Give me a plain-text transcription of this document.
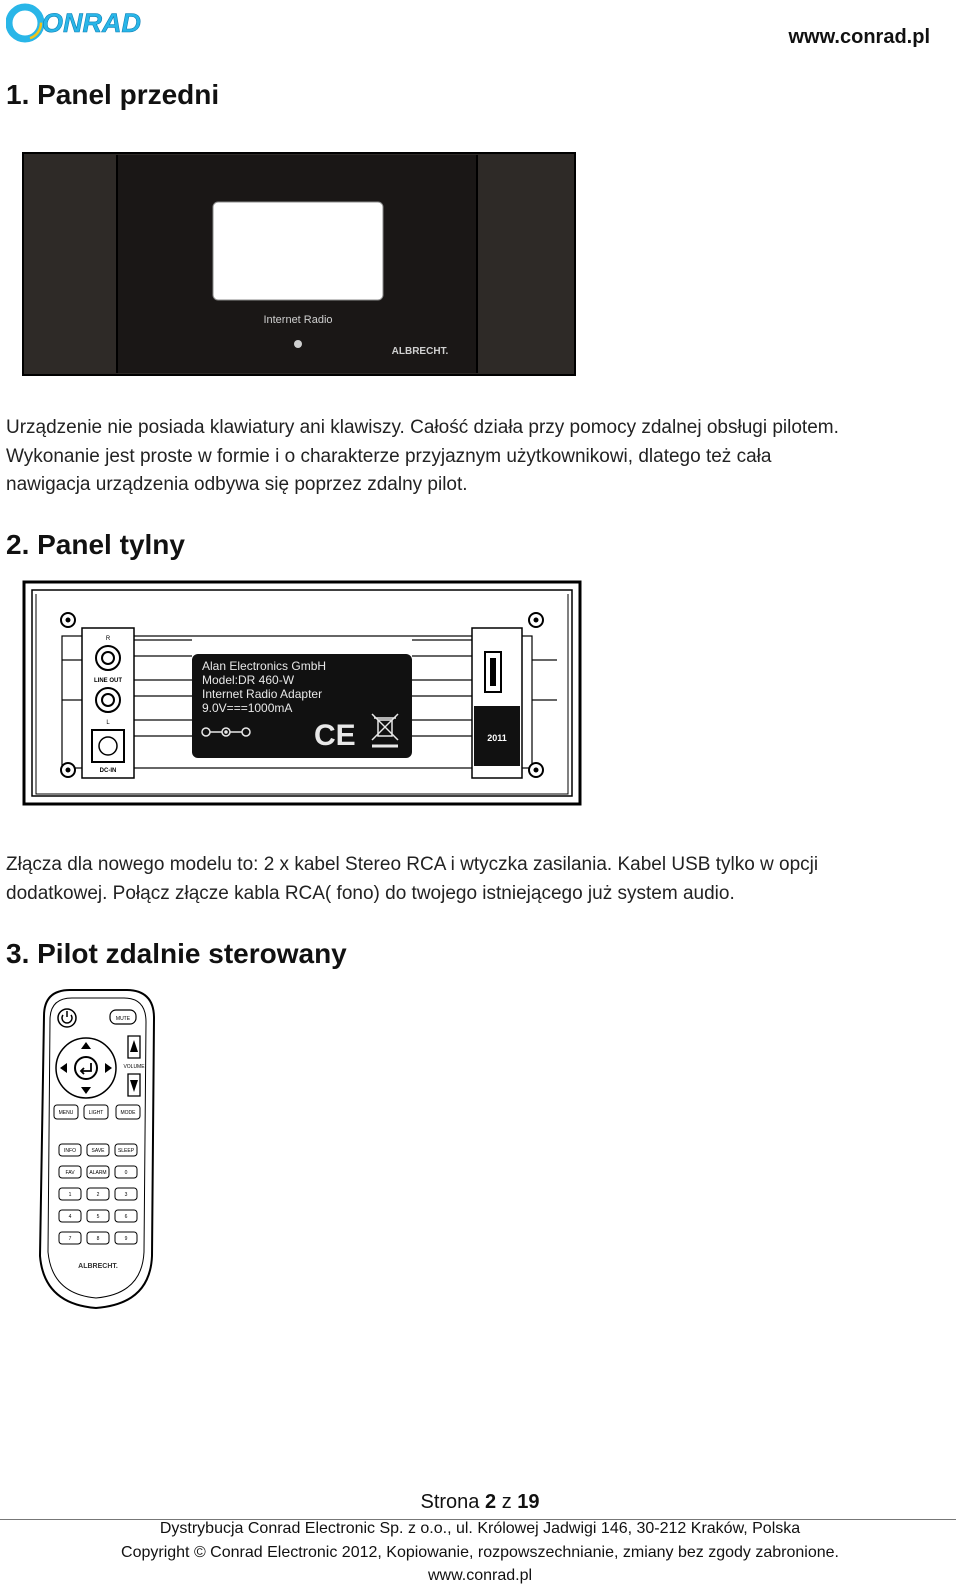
ONRAD	www.conrad.pl
1. Panel przedni
Internet Radio
ALBRECHT.
Urządzenie nie posiada klawiatury ani klawiszy. Całość działa przy pomocy zdalnej obsługi pilotem.
Wykonanie jest proste w formie i o charakterze przyjaznym użytkownikowi, dlatego też cała
nawigacja urządzenia odbywa się poprzez zdalny pilot.
2. Panel tylny
R
LINE OUT
L
DC-IN
Alan Electronics GmbH
Model:DR 460-W
Internet Radio Adapter
9.0V===1000mA
CE	2011
Złącza dla nowego modelu to: 2 x kabel Stereo RCA i wtyczka zasilania. Kabel USB tylko w opcji
dodatkowej. Połącz złącze kabla RCA( fono) do twojego istniejącego już system audio.
3. Pilot zdalnie sterowany
MUTE
VOLUME
MENU	LIGHT	MODE
INFO	SAVE	SLEEP
FAV	ALARM	0
1	2	3
4	5	6
7	8	9
ALBRECHT.
Strona 2 z 19
Dystrybucja Conrad Electronic Sp. z o.o., ul. Królowej Jadwigi 146, 30-212 Kraków, Polska
Copyright © Conrad Electronic 2012, Kopiowanie, rozpowszechnianie, zmiany bez zgody zabronione.
www.conrad.pl
